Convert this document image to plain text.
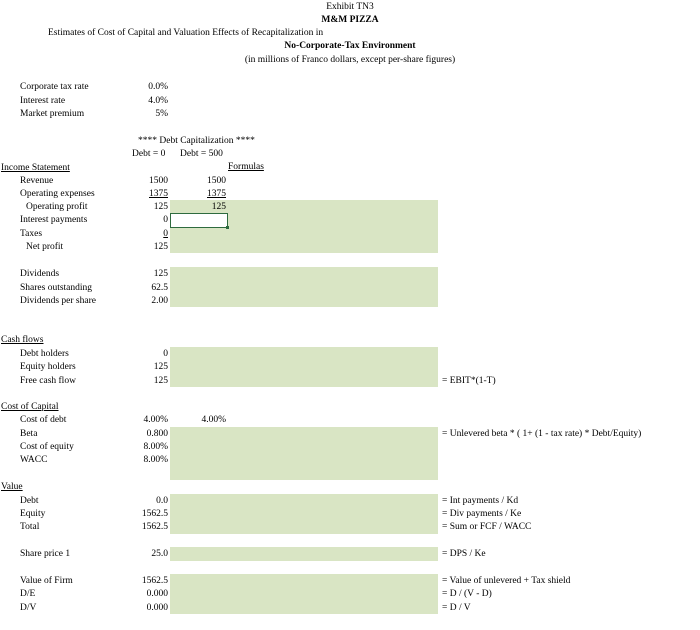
Exhibit TN3
M&M PIZZA
Estimates of Cost of Capital and Valuation Effects of Recapitalization in
No-Corporate-Tax Environment
(in millions of Franco dollars, except per-share figures)
Corporate tax rate	0.0%
Interest rate	4.0%
Market premium	5%
**** Debt Capitalization ****
Debt = 0 Debt = 500
Formulas
Income Statement
Revenue	1500	1500
Operating expenses	1375	1375
Operating profit	125	125
Interest payments	0
Taxes	0
Net profit	125
Dividends	125
Shares outstanding	62.5
Dividends per share	2.00
Cash flows
Debt holders	0
Equity holders	125
Free cash flow	125	= EBIT*(1-T)
Cost of Capital
Cost of debt	4.00%	4.00%
Beta	0.800	= Unlevered beta * ( 1+ (1 - tax rate) * Debt/Equity)
Cost of equity	8.00%
WACC	8.00%
Value
Debt	0.0	= Int payments / Kd
Equity	1562.5	= Div payments / Ke
Total	1562.5	= Sum or FCF / WACC
Share price 1	25.0	= DPS / Ke
Value of Firm	1562.5	= Value of unlevered + Tax shield
D/E	0.000	= D / (V - D)
D/V	0.000	= D / V
